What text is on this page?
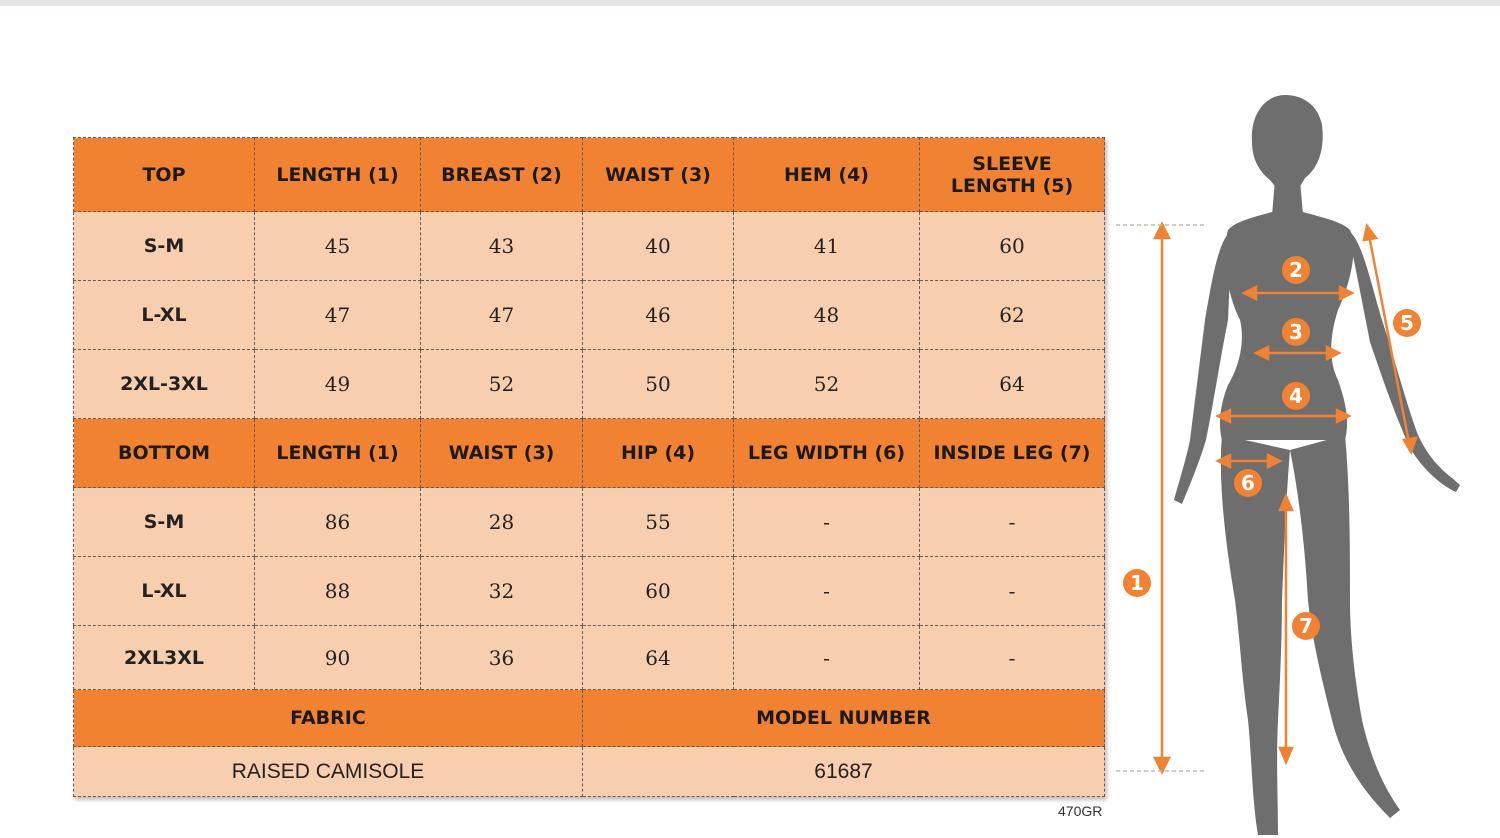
TOP	LENGTH (1)	BREAST (2)	WAIST (3)	HEM (4)	SLEEVE LENGTH (5)
S-M	45	43	40	41	60
L-XL	47	47	46	48	62
2XL-3XL	49	52	50	52	64
BOTTOM	LENGTH (1)	WAIST (3)	HIP (4)	LEG WIDTH (6)	INSIDE LEG (7)
S-M	86	28	55	-	-
L-XL	88	32	60	-	-
2XL3XL	90	36	64	-	-
FABRIC			MODEL NUMBER		
RAISED CAMISOLE			61687		
470GR
1
2
3
4
5
6
7
